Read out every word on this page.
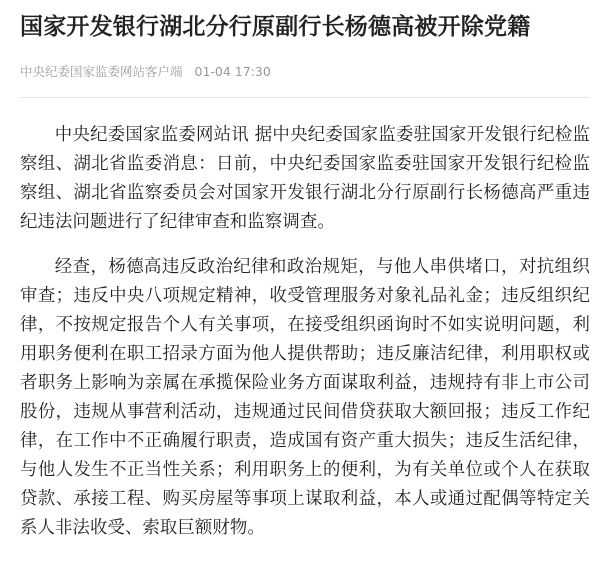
国家开发银行湖北分行原副行长杨德高被开除党籍
中央纪委国家监委网站客户端 01-04 17:30

中央纪委国家监委网站讯 据中央纪委国家监委驻国家开发银行纪检监察组、湖北省监委消息：日前，中央纪委国家监委驻国家开发银行纪检监察组、湖北省监察委员会对国家开发银行湖北分行原副行长杨德高严重违纪违法问题进行了纪律审查和监察调查。

经查，杨德高违反政治纪律和政治规矩，与他人串供堵口，对抗组织审查；违反中央八项规定精神，收受管理服务对象礼品礼金；违反组织纪律，不按规定报告个人有关事项，在接受组织函询时不如实说明问题，利用职务便利在职工招录方面为他人提供帮助；违反廉洁纪律，利用职权或者职务上影响为亲属在承揽保险业务方面谋取利益，违规持有非上市公司股份，违规从事营利活动，违规通过民间借贷获取大额回报；违反工作纪律，在工作中不正确履行职责，造成国有资产重大损失；违反生活纪律，与他人发生不正当性关系；利用职务上的便利，为有关单位或个人在获取贷款、承接工程、购买房屋等事项上谋取利益，本人或通过配偶等特定关系人非法收受、索取巨额财物。
